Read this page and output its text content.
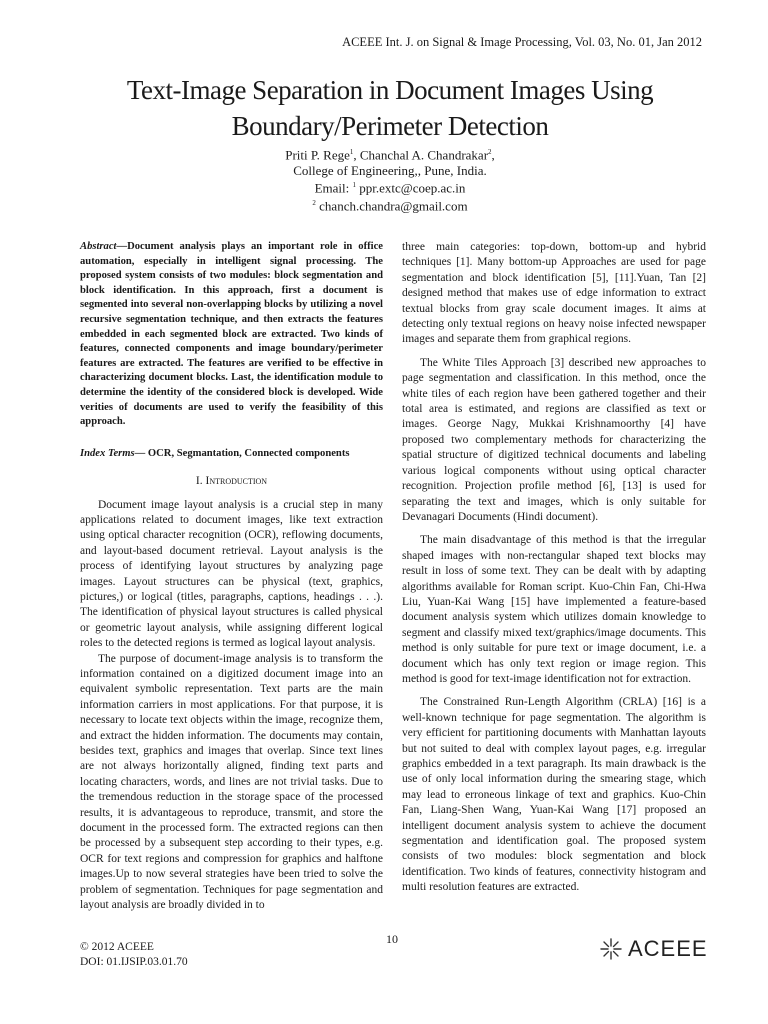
ACEEE Int. J. on Signal & Image Processing, Vol. 03, No. 01, Jan 2012
Text-Image Separation in Document Images Using
Boundary/Perimeter Detection
Priti P. Rege$^1$, Chanchal A. Chandrakar$^2$,
College of Engineering,, Pune, India.
Email: $^1$ ppr.extc@coep.ac.in
$^2$ chanch.chandra@gmail.com

Abstract—Document analysis plays an important role in office automation, especially in intelligent signal processing. The proposed system consists of two modules: block segmentation and block identification. In this approach, first a document is segmented into several non-overlapping blocks by utilizing a novel recursive segmentation technique, and then extracts the features embedded in each segmented block are extracted. Two kinds of features, connected components and image boundary/perimeter features are extracted. The features are verified to be effective in characterizing document blocks. Last, the identification module to determine the identity of the considered block is developed. Wide verities of documents are used to verify the feasibility of this approach.

Index Terms— OCR, Segmantation, Connected components

I. Introduction

Document image layout analysis is a crucial step in many applications related to document images, like text extraction using optical character recognition (OCR), reflowing documents, and layout-based document retrieval. Layout analysis is the process of identifying layout structures by analyzing page images. Layout structures can be physical (text, graphics, pictures,) or logical (titles, paragraphs, captions, headings . . .). The identification of physical layout structures is called physical or geometric layout analysis, while assigning different logical roles to the detected regions is termed as logical layout analysis.

The purpose of document-image analysis is to transform the information contained on a digitized document image into an equivalent symbolic representation. Text parts are the main information carriers in most applications. For that purpose, it is necessary to locate text objects within the image, recognize them, and extract the hidden information. The documents may contain, besides text, graphics and images that overlap. Since text lines are not always horizontally aligned, finding text parts and locating characters, words, and lines are not trivial tasks. Due to the tremendous reduction in the storage space of the processed results, it is advantageous to reproduce, transmit, and store the document in the processed form. The extracted regions can then be processed by a subsequent step according to their types, e.g. OCR for text regions and compression for graphics and halftone images.Up to now several strategies have been tried to solve the problem of segmentation. Techniques for page segmentation and layout analysis are broadly divided in to

three main categories: top-down, bottom-up and hybrid techniques [1]. Many bottom-up Approaches are used for page segmentation and block identification [5], [11].Yuan, Tan [2] designed method that makes use of edge information to extract textual blocks from gray scale document images. It aims at detecting only textual regions on heavy noise infected newspaper images and separate them from graphical regions.

The White Tiles Approach [3] described new approaches to page segmentation and classification. In this method, once the white tiles of each region have been gathered together and their total area is estimated, and regions are classified as text or images. George Nagy, Mukkai Krishnamoorthy [4] have proposed two complementary methods for characterizing the spatial structure of digitized technical documents and labeling various logical components without using optical character recognition. Projection profile method [6], [13] is used for separating the text and images, which is only suitable for Devanagari Documents (Hindi document).

The main disadvantage of this method is that the irregular shaped images with non-rectangular shaped text blocks may result in loss of some text. They can be dealt with by adapting algorithms available for Roman script. Kuo-Chin Fan, Chi-Hwa Liu, Yuan-Kai Wang [15] have implemented a feature-based document analysis system which utilizes domain knowledge to segment and classify mixed text/graphics/image documents. This method is only suitable for pure text or image document, i.e. a document which has only text region or image region. This method is good for text-image identification not for extraction.

The Constrained Run-Length Algorithm (CRLA) [16] is a well-known technique for page segmentation. The algorithm is very efficient for partitioning documents with Manhattan layouts but not suited to deal with complex layout pages, e.g. irregular graphics embedded in a text paragraph. Its main drawback is the use of only local information during the smearing stage, which may lead to erroneous linkage of text and graphics. Kuo-Chin Fan, Liang-Shen Wang, Yuan-Kai Wang [17] proposed an intelligent document analysis system to achieve the document segmentation and identification goal. The proposed system consists of two modules: block segmentation and block identification. Two kinds of features, connectivity histogram and multi resolution features are extracted.

10
© 2012 ACEEE
DOI: 01.IJSIP.03.01.70
ACEEE
